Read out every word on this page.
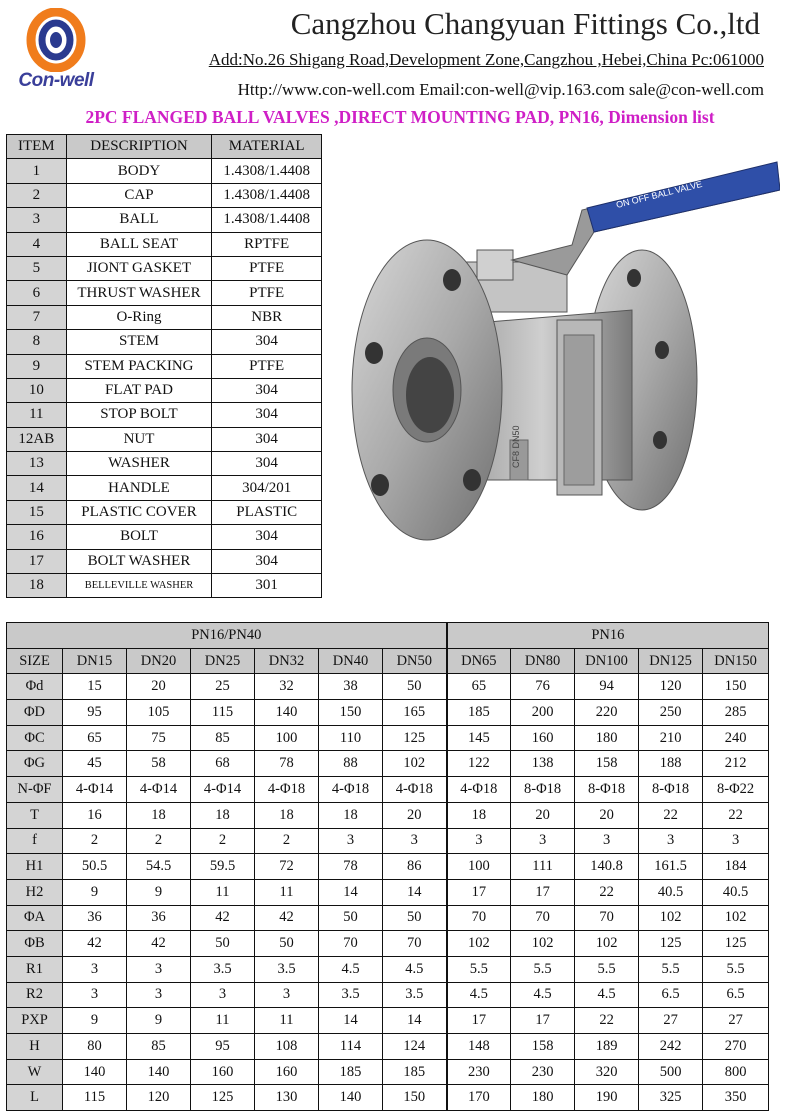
Con-well
Cangzhou Changyuan Fittings Co.,ltd
Add:No.26 Shigang Road,Development Zone,Cangzhou ,Hebei,China Pc:061000
Http://www.con-well.com Email:con-well@vip.163.com sale@con-well.com
2PC FLANGED BALL VALVES ,DIRECT MOUNTING PAD, PN16, Dimension list
ITEM	DESCRIPTION	MATERIAL
1	BODY	1.4308/1.4408
2	CAP	1.4308/1.4408
3	BALL	1.4308/1.4408
4	BALL SEAT	RPTFE
5	JIONT GASKET	PTFE
6	THRUST WASHER	PTFE
7	O-Ring	NBR
8	STEM	304
9	STEM PACKING	PTFE
10	FLAT PAD	304
11	STOP BOLT	304
12AB	NUT	304
13	WASHER	304
14	HANDLE	304/201
15	PLASTIC COVER	PLASTIC
16	BOLT	304
17	BOLT WASHER	304
18	BELLEVILLE WASHER	301
CF8 DN50
ON OFF BALL VALVE
PN16/PN40							PN16				
SIZE	DN15	DN20	DN25	DN32	DN40	DN50	DN65	DN80	DN100	DN125	DN150
Φd	15	20	25	32	38	50	65	76	94	120	150
ΦD	95	105	115	140	150	165	185	200	220	250	285
ΦC	65	75	85	100	110	125	145	160	180	210	240
ΦG	45	58	68	78	88	102	122	138	158	188	212
N-ΦF	4-Φ14	4-Φ14	4-Φ14	4-Φ18	4-Φ18	4-Φ18	4-Φ18	8-Φ18	8-Φ18	8-Φ18	8-Φ22
T	16	18	18	18	18	20	18	20	20	22	22
f	2	2	2	2	3	3	3	3	3	3	3
H1	50.5	54.5	59.5	72	78	86	100	111	140.8	161.5	184
H2	9	9	11	11	14	14	17	17	22	40.5	40.5
ΦA	36	36	42	42	50	50	70	70	70	102	102
ΦB	42	42	50	50	70	70	102	102	102	125	125
R1	3	3	3.5	3.5	4.5	4.5	5.5	5.5	5.5	5.5	5.5
R2	3	3	3	3	3.5	3.5	4.5	4.5	4.5	6.5	6.5
PXP	9	9	11	11	14	14	17	17	22	27	27
H	80	85	95	108	114	124	148	158	189	242	270
W	140	140	160	160	185	185	230	230	320	500	800
L	115	120	125	130	140	150	170	180	190	325	350
